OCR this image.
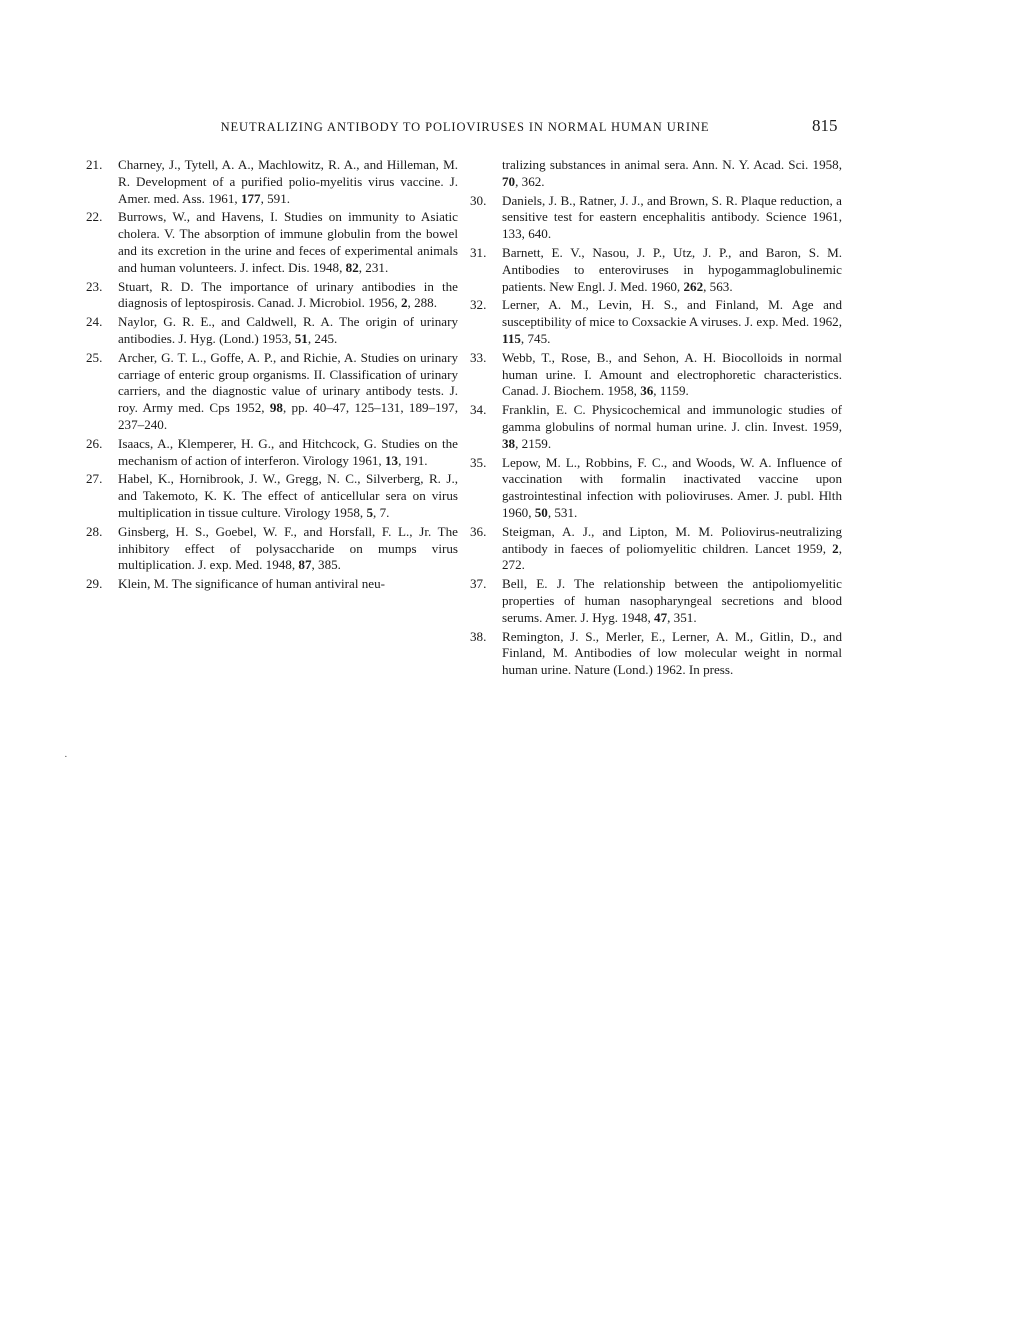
NEUTRALIZING ANTIBODY TO POLIOVIRUSES IN NORMAL HUMAN URINE	815
21. Charney, J., Tytell, A. A., Machlowitz, R. A., and Hilleman, M. R. Development of a purified polio-myelitis virus vaccine. J. Amer. med. Ass. 1961, 177, 591.
22. Burrows, W., and Havens, I. Studies on immunity to Asiatic cholera. V. The absorption of immune globulin from the bowel and its excretion in the urine and feces of experimental animals and human volunteers. J. infect. Dis. 1948, 82, 231.
23. Stuart, R. D. The importance of urinary antibodies in the diagnosis of leptospirosis. Canad. J. Microbiol. 1956, 2, 288.
24. Naylor, G. R. E., and Caldwell, R. A. The origin of urinary antibodies. J. Hyg. (Lond.) 1953, 51, 245.
25. Archer, G. T. L., Goffe, A. P., and Richie, A. Studies on urinary carriage of enteric group organisms. II. Classification of urinary carriers, and the diagnostic value of urinary antibody tests. J. roy. Army med. Cps 1952, 98, pp. 40–47, 125–131, 189–197, 237–240.
26. Isaacs, A., Klemperer, H. G., and Hitchcock, G. Studies on the mechanism of action of interferon. Virology 1961, 13, 191.
27. Habel, K., Hornibrook, J. W., Gregg, N. C., Silverberg, R. J., and Takemoto, K. K. The effect of anticellular sera on virus multiplication in tissue culture. Virology 1958, 5, 7.
28. Ginsberg, H. S., Goebel, W. F., and Horsfall, F. L., Jr. The inhibitory effect of polysaccharide on mumps virus multiplication. J. exp. Med. 1948, 87, 385.
29. Klein, M. The significance of human antiviral neu-
tralizing substances in animal sera. Ann. N. Y. Acad. Sci. 1958, 70, 362.
30. Daniels, J. B., Ratner, J. J., and Brown, S. R. Plaque reduction, a sensitive test for eastern encephalitis antibody. Science 1961, 133, 640.
31. Barnett, E. V., Nasou, J. P., Utz, J. P., and Baron, S. M. Antibodies to enteroviruses in hypogammaglobulinemic patients. New Engl. J. Med. 1960, 262, 563.
32. Lerner, A. M., Levin, H. S., and Finland, M. Age and susceptibility of mice to Coxsackie A viruses. J. exp. Med. 1962, 115, 745.
33. Webb, T., Rose, B., and Sehon, A. H. Biocolloids in normal human urine. I. Amount and electrophoretic characteristics. Canad. J. Biochem. 1958, 36, 1159.
34. Franklin, E. C. Physicochemical and immunologic studies of gamma globulins of normal human urine. J. clin. Invest. 1959, 38, 2159.
35. Lepow, M. L., Robbins, F. C., and Woods, W. A. Influence of vaccination with formalin inactivated vaccine upon gastrointestinal infection with polioviruses. Amer. J. publ. Hlth 1960, 50, 531.
36. Steigman, A. J., and Lipton, M. M. Poliovirus-neutralizing antibody in faeces of poliomyelitic children. Lancet 1959, 2, 272.
37. Bell, E. J. The relationship between the antipoliomyelitic properties of human nasopharyngeal secretions and blood serums. Amer. J. Hyg. 1948, 47, 351.
38. Remington, J. S., Merler, E., Lerner, A. M., Gitlin, D., and Finland, M. Antibodies of low molecular weight in normal human urine. Nature (Lond.) 1962. In press.
·
